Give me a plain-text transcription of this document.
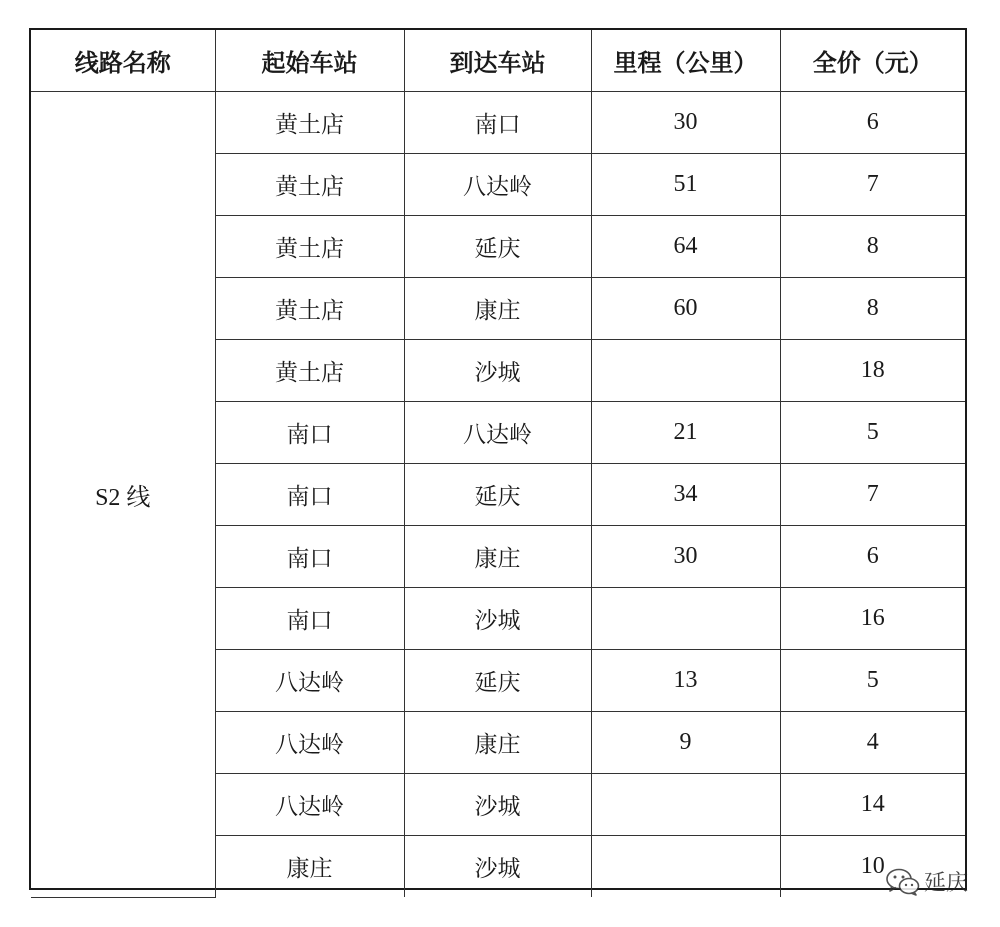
线路名称	起始车站	到达车站	里程（公里）	全价（元）
S2 线	黄土店	南口	30	6
	黄土店	八达岭	51	7
	黄土店	延庆	64	8
	黄土店	康庄	60	8
	黄土店	沙城		18
	南口	八达岭	21	5
	南口	延庆	34	7
	南口	康庄	30	6
	南口	沙城		16
	八达岭	延庆	13	5
	八达岭	康庄	9	4
	八达岭	沙城		14
	康庄	沙城		10
延庆
